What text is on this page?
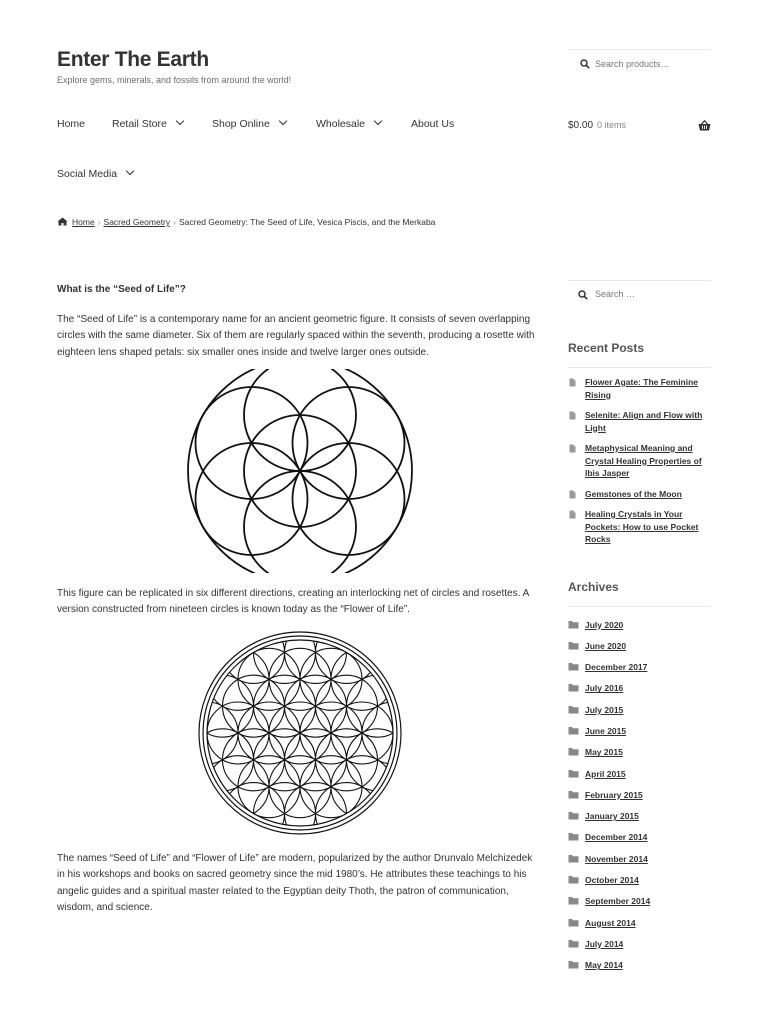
Enter The Earth
Explore gems, minerals, and fossils from around the world!
Search products…
Home	Retail Store	Shop Online	Wholesale	About Us
Social Media
$0.00 0 items
Home › Sacred Geometry › Sacred Geometry: The Seed of Life, Vesica Piscis, and the Merkaba

What is the “Seed of Life”?

The “Seed of Life” is a contemporary name for an ancient geometric figure. It consists of seven overlapping circles with the same diameter. Six of them are regularly spaced within the seventh, producing a rosette with eighteen lens shaped petals: six smaller ones inside and twelve larger ones outside.

This figure can be replicated in six different directions, creating an interlocking net of circles and rosettes. A version constructed from nineteen circles is known today as the “Flower of Life”.

The names “Seed of Life” and “Flower of Life” are modern, popularized by the author Drunvalo Melchizedek in his workshops and books on sacred geometry since the mid 1980’s. He attributes these teachings to his angelic guides and a spiritual master related to the Egyptian deity Thoth, the patron of communication, wisdom, and science.

Search …
Recent Posts
Flower Agate: The Feminine Rising
Selenite: Align and Flow with Light
Metaphysical Meaning and Crystal Healing Properties of Ibis Jasper
Gemstones of the Moon
Healing Crystals in Your Pockets: How to use Pocket Rocks
Archives
July 2020
June 2020
December 2017
July 2016
July 2015
June 2015
May 2015
April 2015
February 2015
January 2015
December 2014
November 2014
October 2014
September 2014
August 2014
July 2014
May 2014
